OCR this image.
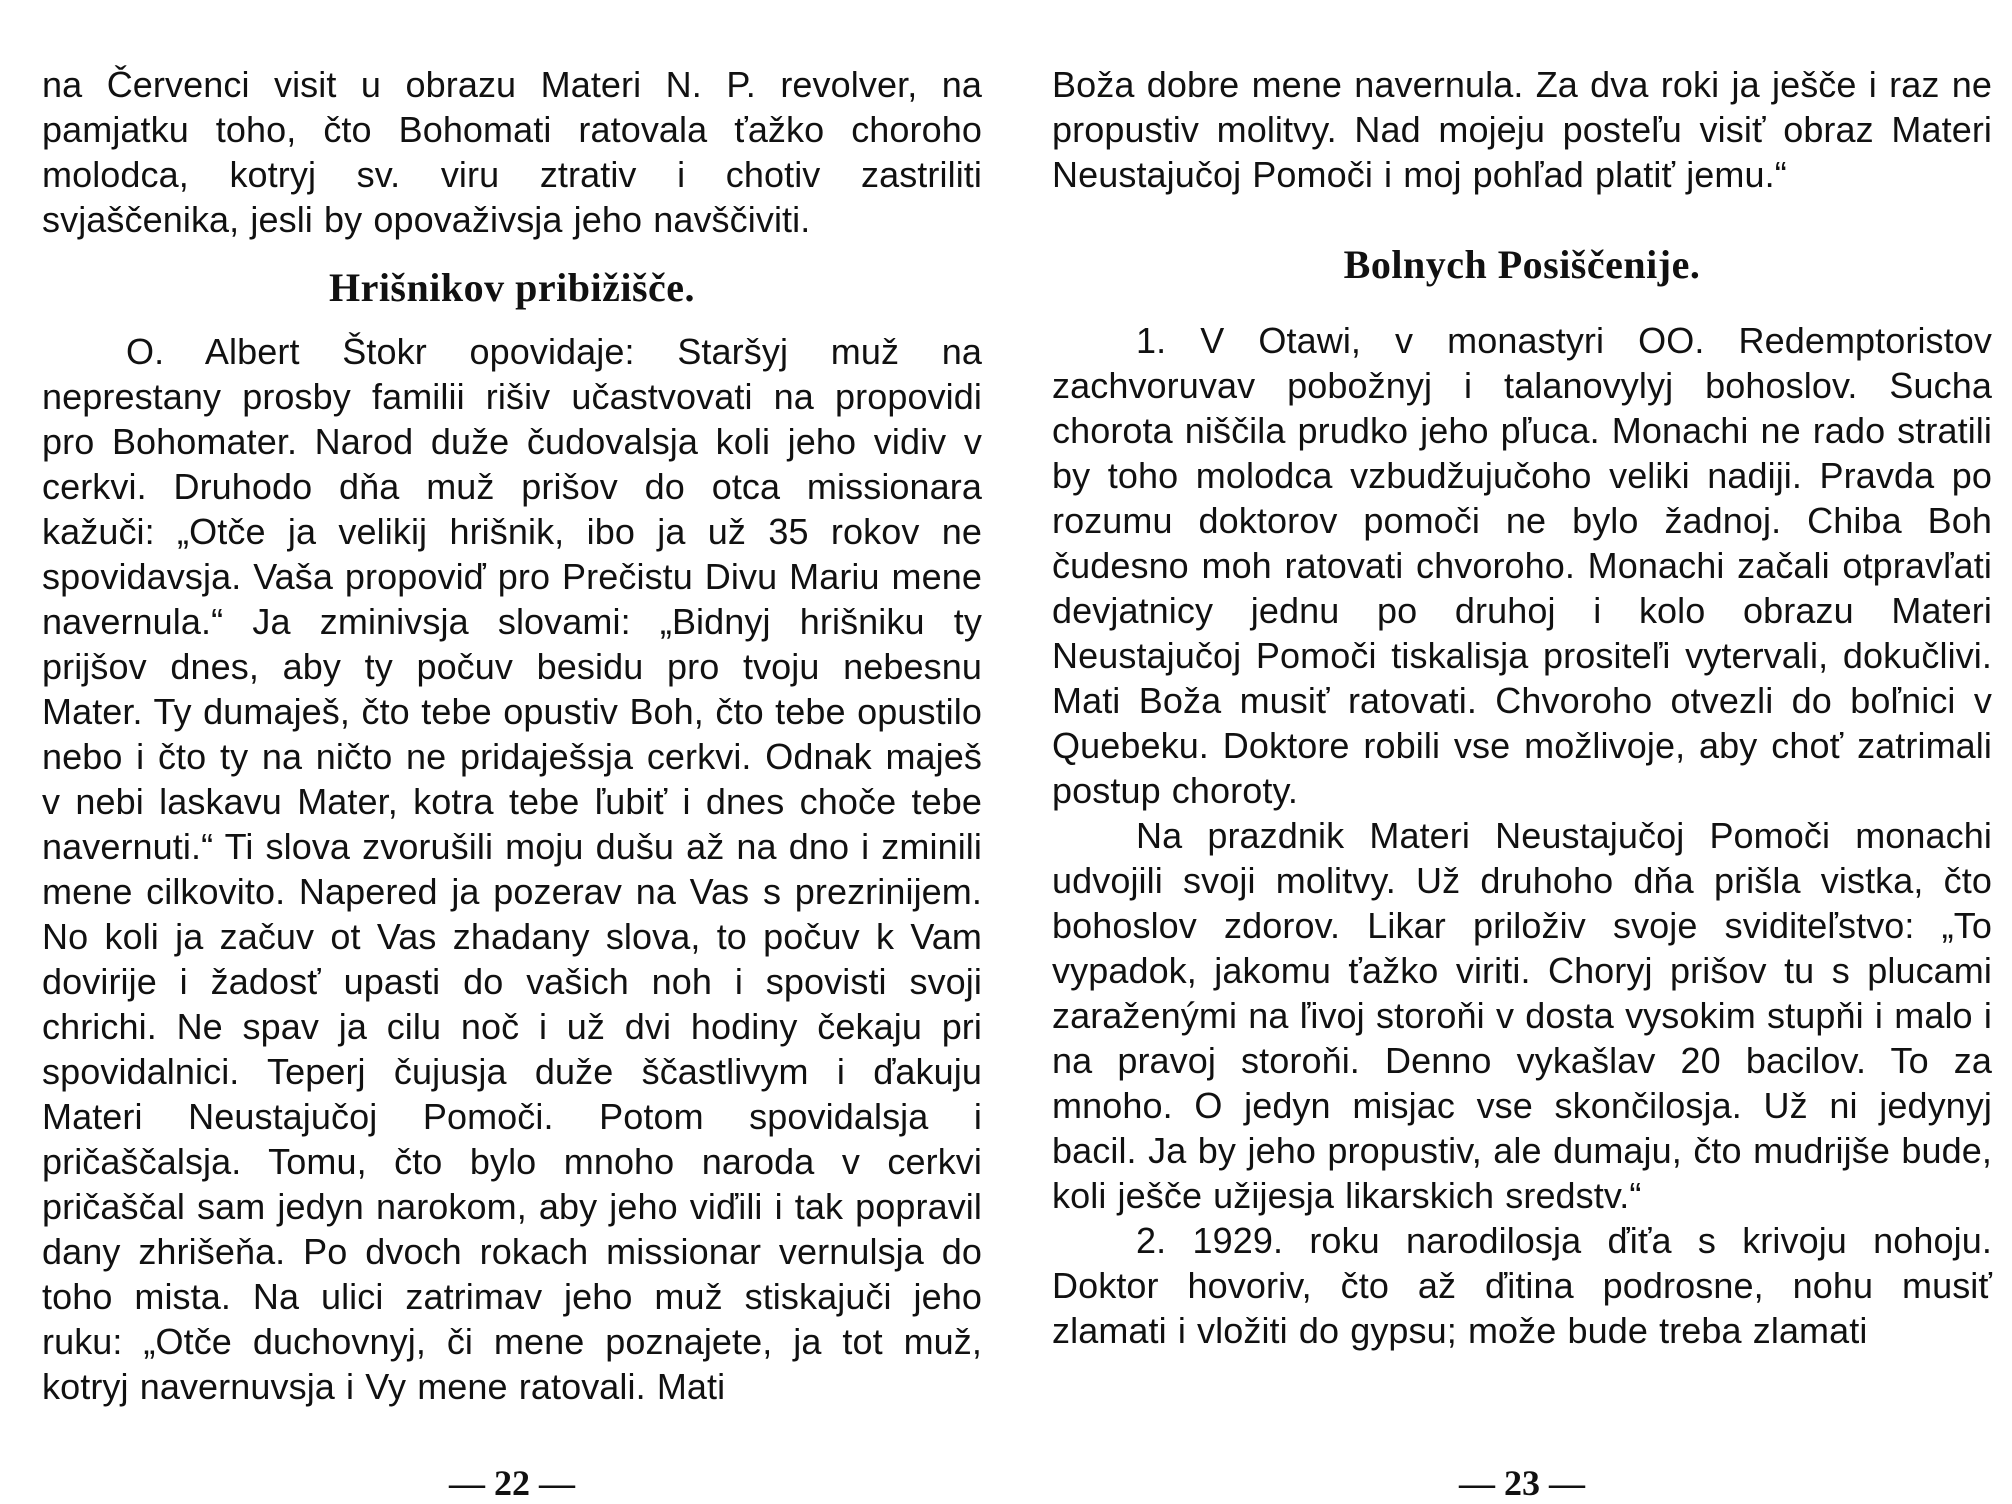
na Červenci visit u obrazu Materi N. P. revolver, na pamjatku toho, čto Bohomati ratovala ťažko choroho molodca, kotryj sv. viru ztrativ i chotiv zastriliti svjaščenika, jesli by opovaživsja jeho navščiviti.

Hrišnikov pribižišče.

O. Albert Štokr opovidaje: Staršyj muž na neprestany prosby familii rišiv učastvovati na propovidi pro Bohomater. Narod duže čudovalsja koli jeho vidiv v cerkvi. Druhodo dňa muž prišov do otca missionara kažuči: „Otče ja velikij hrišnik, ibo ja už 35 rokov ne spovidavsja. Vaša propoviď pro Prečistu Divu Mariu mene navernula.“ Ja zminivsja slovami: „Bidnyj hrišniku ty prijšov dnes, aby ty počuv besidu pro tvoju nebesnu Mater. Ty dumaješ, čto tebe opustiv Boh, čto tebe opustilo nebo i čto ty na ničto ne pridaješsja cerkvi. Odnak maješ v nebi laskavu Mater, kotra tebe ľubiť i dnes choče tebe navernuti.“ Ti slova zvorušili moju dušu až na dno i zminili mene cilkovito. Napered ja pozerav na Vas s prezrinijem. No koli ja začuv ot Vas zhadany slova, to počuv k Vam dovirije i žadosť upasti do vašich noh i spovisti svoji chrichi. Ne spav ja cilu noč i už dvi hodiny čekaju pri spovidalnici. Teperj čujusja duže ščastlivym i ďakuju Materi Neustajučoj Pomoči. Potom spovidalsja i pričaščalsja. Tomu, čto bylo mnoho naroda v cerkvi pričaščal sam jedyn narokom, aby jeho viďili i tak popravil dany zhrišeňa. Po dvoch rokach missionar vernulsja do toho mista. Na ulici zatrimav jeho muž stiskajuči jeho ruku: „Otče duchovnyj, či mene poznajete, ja tot muž, kotryj navernuvsja i Vy mene ratovali. Mati

— 22 —

Boža dobre mene navernula. Za dva roki ja ješče i raz ne propustiv molitvy. Nad mojeju posteľu visiť obraz Materi Neustajučoj Pomoči i moj pohľad platiť jemu.“

Bolnych Posiščenije.

1. V Otawi, v monastyri OO. Redemptoristov zachvoruvav pobožnyj i talanovylyj bohoslov. Sucha chorota niščila prudko jeho pľuca. Monachi ne rado stratili by toho molodca vzbudžujučoho veliki nadiji. Pravda po rozumu doktorov pomoči ne bylo žadnoj. Chiba Boh čudesno moh ratovati chvoroho. Monachi začali otpravľati devjatnicy jednu po druhoj i kolo obrazu Materi Neustajučoj Pomoči tiskalisja prositeľi vytervali, dokučlivi. Mati Boža musiť ratovati. Chvoroho otvezli do boľnici v Quebeku. Doktore robili vse možlivoje, aby choť zatrimali postup choroty.

Na prazdnik Materi Neustajučoj Pomoči monachi udvojili svoji molitvy. Už druhoho dňa prišla vistka, čto bohoslov zdorov. Likar priloživ svoje sviditeľstvo: „To vypadok, jakomu ťažko viriti. Choryj prišov tu s plucami zaraženými na ľivoj storoňi v dosta vysokim stupňi i malo i na pravoj storoňi. Denno vykašlav 20 bacilov. To za mnoho. O jedyn misjac vse skončilosja. Už ni jedynyj bacil. Ja by jeho propustiv, ale dumaju, čto mudrijše bude, koli ješče užijesja likarskich sredstv.“

2. 1929. roku narodilosja ďiťa s krivoju nohoju. Doktor hovoriv, čto až ďitina podrosne, nohu musiť zlamati i vložiti do gypsu; može bude treba zlamati

— 23 —
